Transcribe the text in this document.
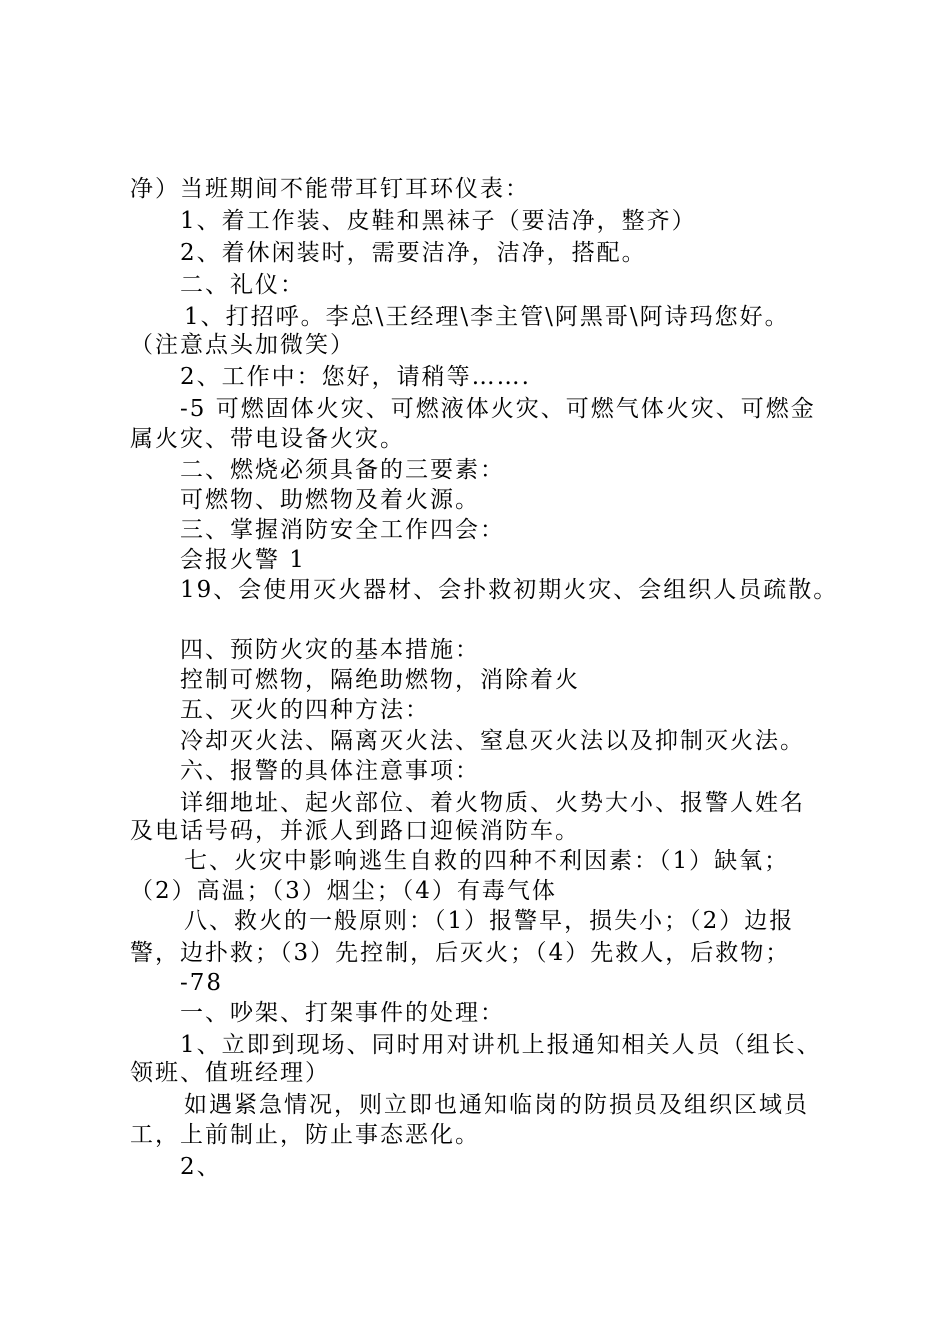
净）当班期间不能带耳钉耳环仪表：
1、着工作装、皮鞋和黑袜子（要洁净，整齐）
2、着休闲装时，需要洁净，洁净，搭配。
二、礼仪：
1、打招呼。李总\王经理\李主管\阿黑哥\阿诗玛您好。
（注意点头加微笑）
2、工作中：您好，请稍等…….
-5 可燃固体火灾、可燃液体火灾、可燃气体火灾、可燃金
属火灾、带电设备火灾。
二、燃烧必须具备的三要素：
可燃物、助燃物及着火源。
三、掌握消防安全工作四会：
会报火警 1
19、会使用灭火器材、会扑救初期火灾、会组织人员疏散。
四、预防火灾的基本措施：
控制可燃物，隔绝助燃物，消除着火
五、灭火的四种方法：
冷却灭火法、隔离灭火法、窒息灭火法以及抑制灭火法。
六、报警的具体注意事项：
详细地址、起火部位、着火物质、火势大小、报警人姓名
及电话号码，并派人到路口迎候消防车。
七、火灾中影响逃生自救的四种不利因素：（1）缺氧；
（2）高温；（3）烟尘；（4）有毒气体
八、救火的一般原则：（1）报警早，损失小；（2）边报
警，边扑救；（3）先控制，后灭火；（4）先救人，后救物；
-78
一、吵架、打架事件的处理：
1、立即到现场、同时用对讲机上报通知相关人员（组长、
领班、值班经理）
如遇紧急情况，则立即也通知临岗的防损员及组织区域员
工，上前制止，防止事态恶化。
2、
